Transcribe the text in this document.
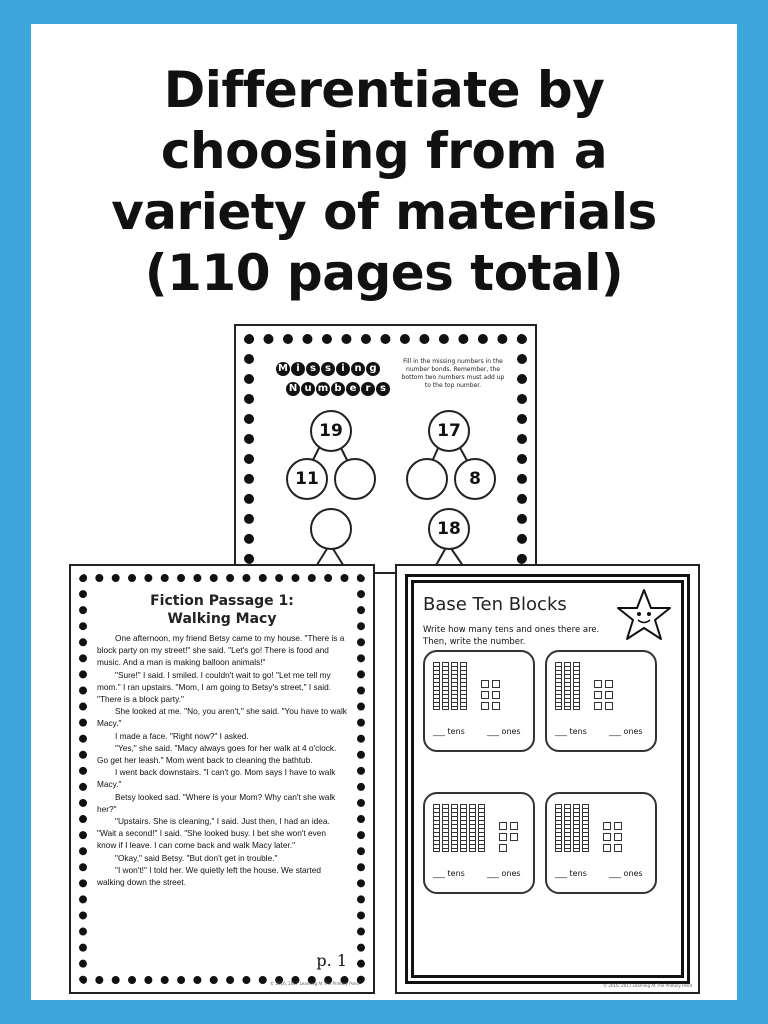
Differentiate by
choosing from a
variety of materials
(110 pages total)
M i s s i n g
N u m b e r s
Fill in the missing numbers in the number bonds. Remember, the bottom two numbers must add up to the top number.
19
11
17
8
18
Fiction Passage 1:
Walking Macy

One afternoon, my friend Betsy came to my house. "There is a block party on my street!" she said. "Let's go! There is food and music. And a man is making balloon animals!"

"Sure!" I said. I smiled. I couldn't wait to go! "Let me tell my mom." I ran upstairs. "Mom, I am going to Betsy's street," I said. "There is a block party."

She looked at me. "No, you aren't," she said. "You have to walk Macy."

I made a face. "Right now?" I asked.

"Yes," she said. "Macy always goes for her walk at 4 o'clock. Go get her leash." Mom went back to cleaning the bathtub.

I went back downstairs. "I can't go. Mom says I have to walk Macy."

Betsy looked sad. "Where is your Mom? Why can't she walk her?"

"Upstairs. She is cleaning," I said. Just then, I had an idea. "Wait a second!" I said. "She looked busy. I bet she won't even know if I leave. I can come back and walk Macy later."

"Okay," said Betsy. "But don't get in trouble."

"I won't!" I told her. We quietly left the house. We started walking down the street.

p. 1
© 2016, 2017 Learning At The Primary Pond
Base Ten Blocks
Write how many tens and ones there are. Then, write the number.
___ tens	___ ones	___ tens	___ ones
___ tens	___ ones	___ tens	___ ones
© 2016, 2017 Learning At The Primary Pond
